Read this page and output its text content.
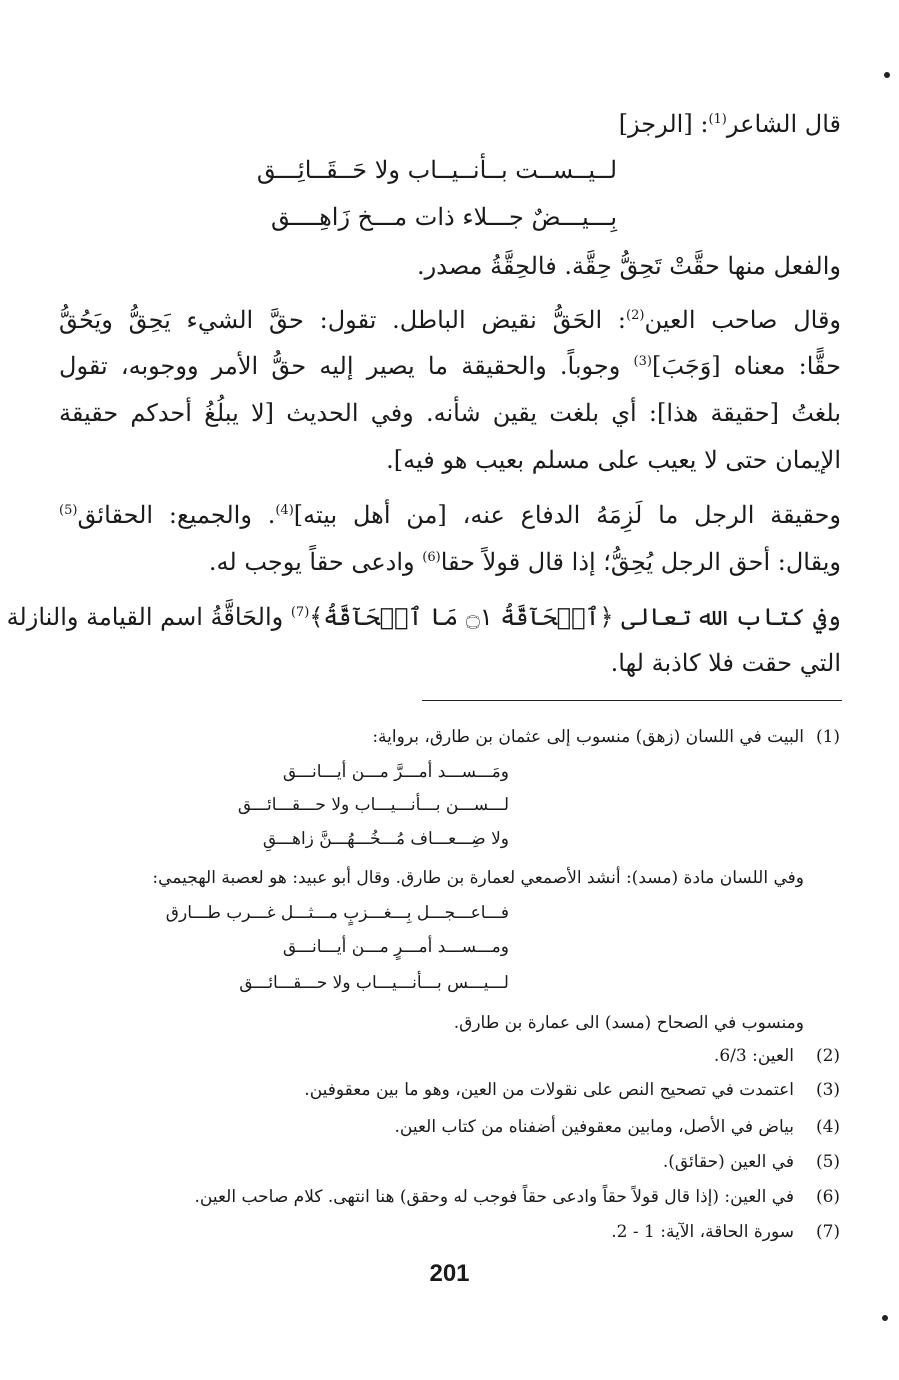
قال الشاعر$^{(1)}$: [الرجز]
لــيــســت بــأنــيــاب ولا حَــقَــائِـــق
بِـــيـــضٌ جـــلاء ذات مـــخ زَاهِــــق
والفعل منها حقَّتْ تَحِقُّ حِقَّة. فالحِقَّةُ مصدر.
وقال صاحب العين$^{(2)}$: الحَقُّ نقيض الباطل. تقول: حقَّ الشيء يَحِقُّ ويَحُقُّ
حقًّا: معناه [وَجَبَ]$^{(3)}$ وجوباً. والحقيقة ما يصير إليه حقُّ الأمر ووجوبه، تقول
بلغتُ [حقيقة هذا]: أي بلغت يقين شأنه. وفي الحديث [لا يبلُغُ أحدكم حقيقة
الإيمان حتى لا يعيب على مسلم بعيب هو فيه].
وحقيقة الرجل ما لَزِمَهُ الدفاع عنه، [من أهل بيته]$^{(4)}$. والجميع: الحقائق$^{(5)}$
ويقال: أحق الرجل يُحِقُّ؛ إذا قال قولاً حقا$^{(6)}$ وادعى حقاً يوجب له.
وفي كتاب الله تعالى ﴿ٱلۡحَآقَّةُ ۝١ مَا ٱلۡحَآقَّةُ﴾$^{(7)}$ والحَاقَّةُ اسم القيامة والنازلة
التي حقت فلا كاذبة لها.
(1)
البيت في اللسان (زهق) منسوب إلى عثمان بن طارق، برواية:
ومَـــســـد أمـــرَّ مـــن أيـــانـــق
لـــســـن بـــأنـــيـــاب ولا حـــقـــائـــق
ولا ضِـــعـــاف مُـــخُـــهُـــنَّ زاهـــقِ
وفي اللسان مادة (مسد): أنشد الأصمعي لعمارة بن طارق. وقال أبو عبيد: هو لعصبة الهجيمي:
فـــاعـــجـــل بِـــغـــزبٍ مـــثـــل غـــرب طـــارق
ومـــســـد أمـــرٍ مـــن أيـــانـــق
لـــيـــس بـــأنـــيـــاب ولا حـــقـــائـــق
ومنسوب في الصحاح (مسد) الى عمارة بن طارق.
(2)
العين: 6/3.
(3)
اعتمدت في تصحيح النص على نقولات من العين، وهو ما بين معقوفين.
(4)
بياض في الأصل، ومابين معقوفين أضفناه من كتاب العين.
(5)
في العين (حقائق).
(6)
في العين: (إذا قال قولاً حقاً وادعى حقاً فوجب له وحقق) هنا انتهى. كلام صاحب العين.
(7)
سورة الحاقة، الآية: 1 - 2.
201
